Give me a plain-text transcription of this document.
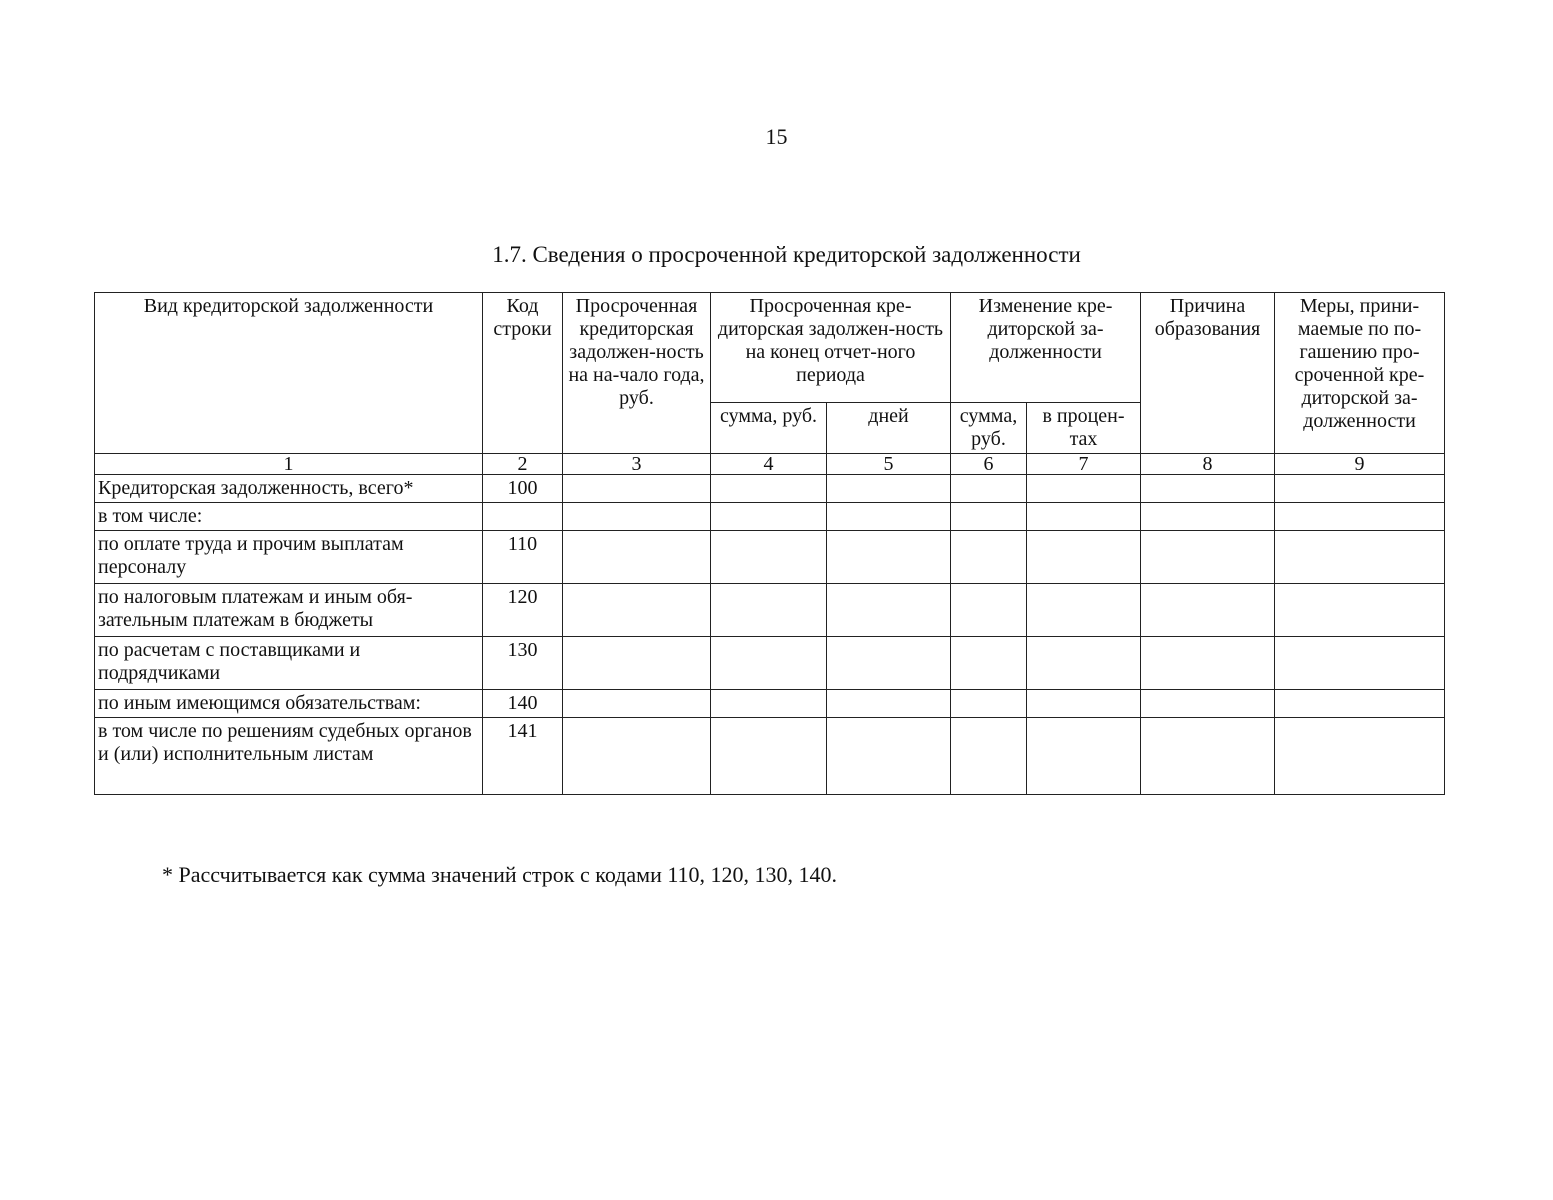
15
1.7. Сведения о просроченной кредиторской задолженности
Вид кредиторской задолженности	Код строки	Просроченная кредиторская задолжен-ность на на-чало года, руб.	Просроченная кре-диторская задолжен-ность на конец отчет-ного периода		Изменение кре-диторской за-долженности		Причина образования	Меры, прини-маемые по по-гашению про-сроченной кре-диторской за-долженности
			сумма, руб.	дней	сумма, руб.	в процен-тах		
1	2	3	4	5	6	7	8	9
Кредиторская задолженность, всего*	100							
в том числе:								
по оплате труда и прочим выплатам персоналу	110							
по налоговым платежам и иным обя-зательным платежам в бюджеты	120							
по расчетам с поставщиками и подрядчиками	130							
по иным имеющимся обязательствам:	140							
в том числе по решениям судебных органов и (или) исполнительным листам	141							
* Рассчитывается как сумма значений строк с кодами 110, 120, 130, 140.
